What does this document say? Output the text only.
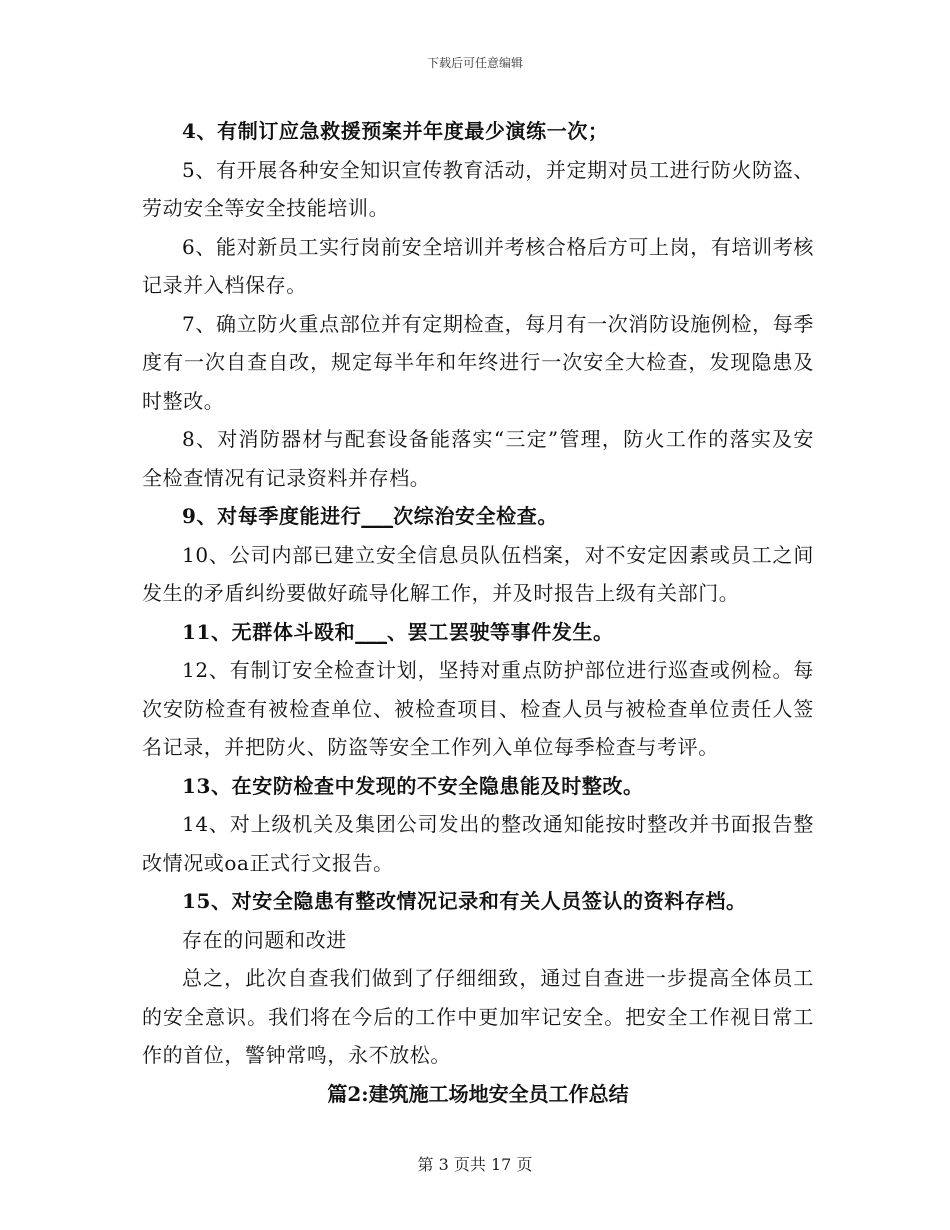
下载后可任意编辑

4、有制订应急救援预案并年度最少演练一次；

5、有开展各种安全知识宣传教育活动，并定期对员工进行防火防盗、劳动安全等安全技能培训。

6、能对新员工实行岗前安全培训并考核合格后方可上岗，有培训考核记录并入档保存。

7、确立防火重点部位并有定期检查，每月有一次消防设施例检，每季度有一次自查自改，规定每半年和年终进行一次安全大检查，发现隐患及时整改。

8、对消防器材与配套设备能落实“三定”管理，防火工作的落实及安全检查情况有记录资料并存档。

9、对每季度能进行___次综治安全检查。

10、公司内部已建立安全信息员队伍档案，对不安定因素或员工之间发生的矛盾纠纷要做好疏导化解工作，并及时报告上级有关部门。

11、无群体斗殴和___、罢工罢驶等事件发生。

12、有制订安全检查计划，坚持对重点防护部位进行巡查或例检。每次安防检查有被检查单位、被检查项目、检查人员与被检查单位责任人签名记录，并把防火、防盗等安全工作列入单位每季检查与考评。

13、在安防检查中发现的不安全隐患能及时整改。

14、对上级机关及集团公司发出的整改通知能按时整改并书面报告整改情况或oa正式行文报告。

15、对安全隐患有整改情况记录和有关人员签认的资料存档。

存在的问题和改进

总之，此次自查我们做到了仔细细致，通过自查进一步提高全体员工的安全意识。我们将在今后的工作中更加牢记安全。把安全工作视日常工作的首位，警钟常鸣，永不放松。

篇2:建筑施工场地安全员工作总结

第 3 页共 17 页
